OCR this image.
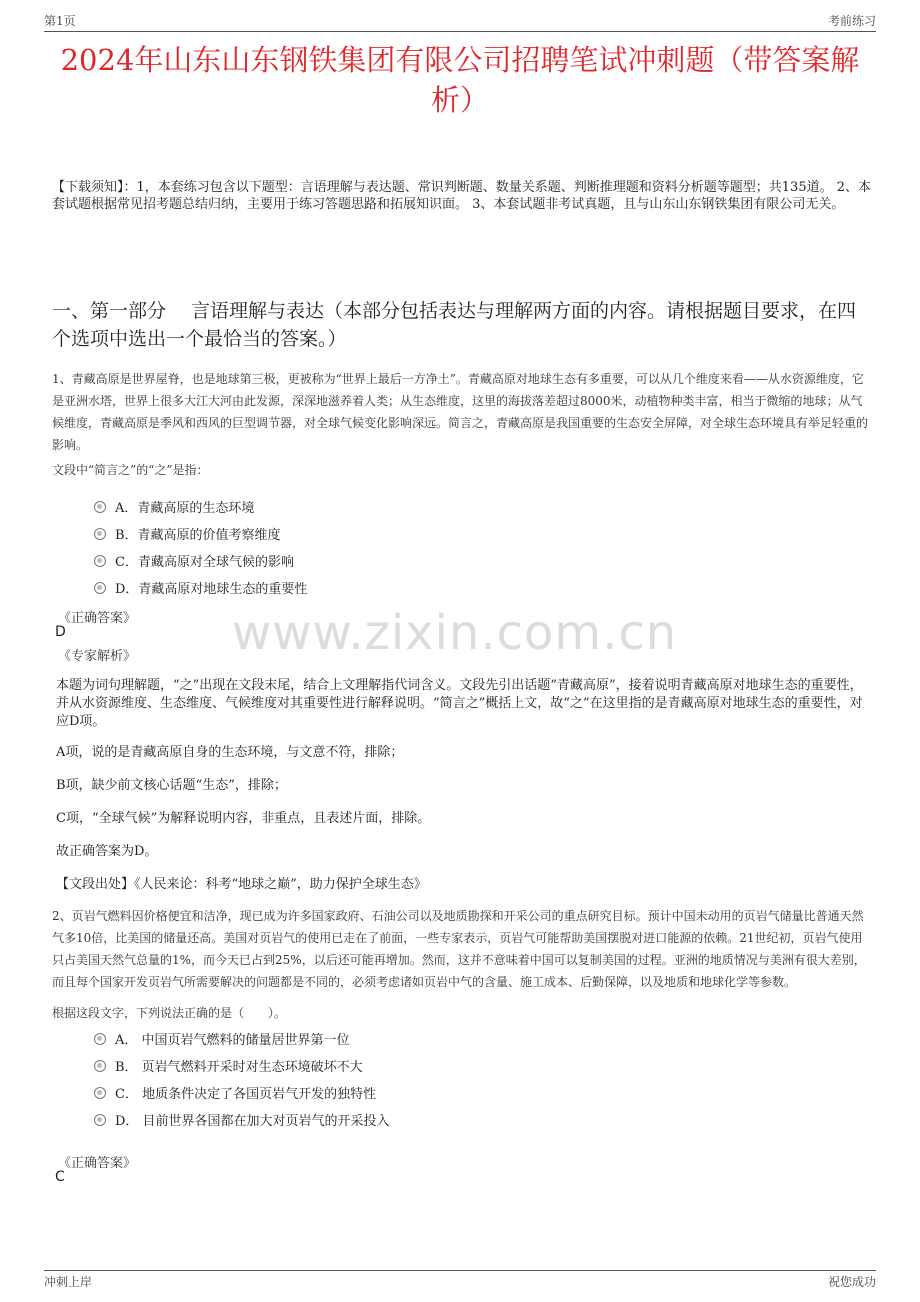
第1页	考前练习
2024年山东山东钢铁集团有限公司招聘笔试冲刺题（带答案解析）
【下载须知】：1，本套练习包含以下题型：言语理解与表达题、常识判断题、数量关系题、判断推理题和资料分析题等题型；共135道。 2、本套试题根据常见招考题总结归纳，主要用于练习答题思路和拓展知识面。 3、本套试题非考试真题，且与山东山东钢铁集团有限公司无关。
一、第一部分　 言语理解与表达（本部分包括表达与理解两方面的内容。请根据题目要求，在四个选项中选出一个最恰当的答案。）
www.zixin.com.cn
1、青藏高原是世界屋脊，也是地球第三极，更被称为“世界上最后一方净土”。青藏高原对地球生态有多重要，可以从几个维度来看——从水资源维度，它是亚洲水塔，世界上很多大江大河由此发源，深深地滋养着人类；从生态维度，这里的海拔落差超过8000米，动植物种类丰富，相当于微缩的地球；从气候维度，青藏高原是季风和西风的巨型调节器，对全球气候变化影响深远。简言之，青藏高原是我国重要的生态安全屏障，对全球生态环境具有举足轻重的影响。
文段中“简言之”的“之”是指：
A．青藏高原的生态环境
B．青藏高原的价值考察维度
C．青藏高原对全球气候的影响
D．青藏高原对地球生态的重要性
《正确答案》
D
《专家解析》
本题为词句理解题，“之”出现在文段末尾，结合上文理解指代词含义。文段先引出话题“青藏高原”，接着说明青藏高原对地球生态的重要性，并从水资源维度、生态维度、气候维度对其重要性进行解释说明。“简言之”概括上文，故“之”在这里指的是青藏高原对地球生态的重要性，对应D项。
A项，说的是青藏高原自身的生态环境，与文意不符，排除；
B项，缺少前文核心话题“生态”，排除；
C项，“全球气候”为解释说明内容，非重点，且表述片面，排除。
故正确答案为D。
【文段出处】《人民来论：科考“地球之巅”，助力保护全球生态》
2、页岩气燃料因价格便宜和洁净，现已成为许多国家政府、石油公司以及地质勘探和开采公司的重点研究目标。预计中国未动用的页岩气储量比普通天然气多10倍，比美国的储量还高。美国对页岩气的使用已走在了前面，一些专家表示，页岩气可能帮助美国摆脱对进口能源的依赖。21世纪初，页岩气使用只占美国天然气总量的1%，而今天已占到25%，以后还可能再增加。然而，这并不意味着中国可以复制美国的过程。亚洲的地质情况与美洲有很大差别，而且每个国家开发页岩气所需要解决的问题都是不同的，必须考虑诸如页岩中气的含量、施工成本、后勤保障，以及地质和地球化学等参数。
根据这段文字，下列说法正确的是（　　）。
A． 中国页岩气燃料的储量居世界第一位
B． 页岩气燃料开采时对生态环境破坏不大
C． 地质条件决定了各国页岩气开发的独特性
D． 目前世界各国都在加大对页岩气的开采投入
《正确答案》
C
冲刺上岸	祝您成功
